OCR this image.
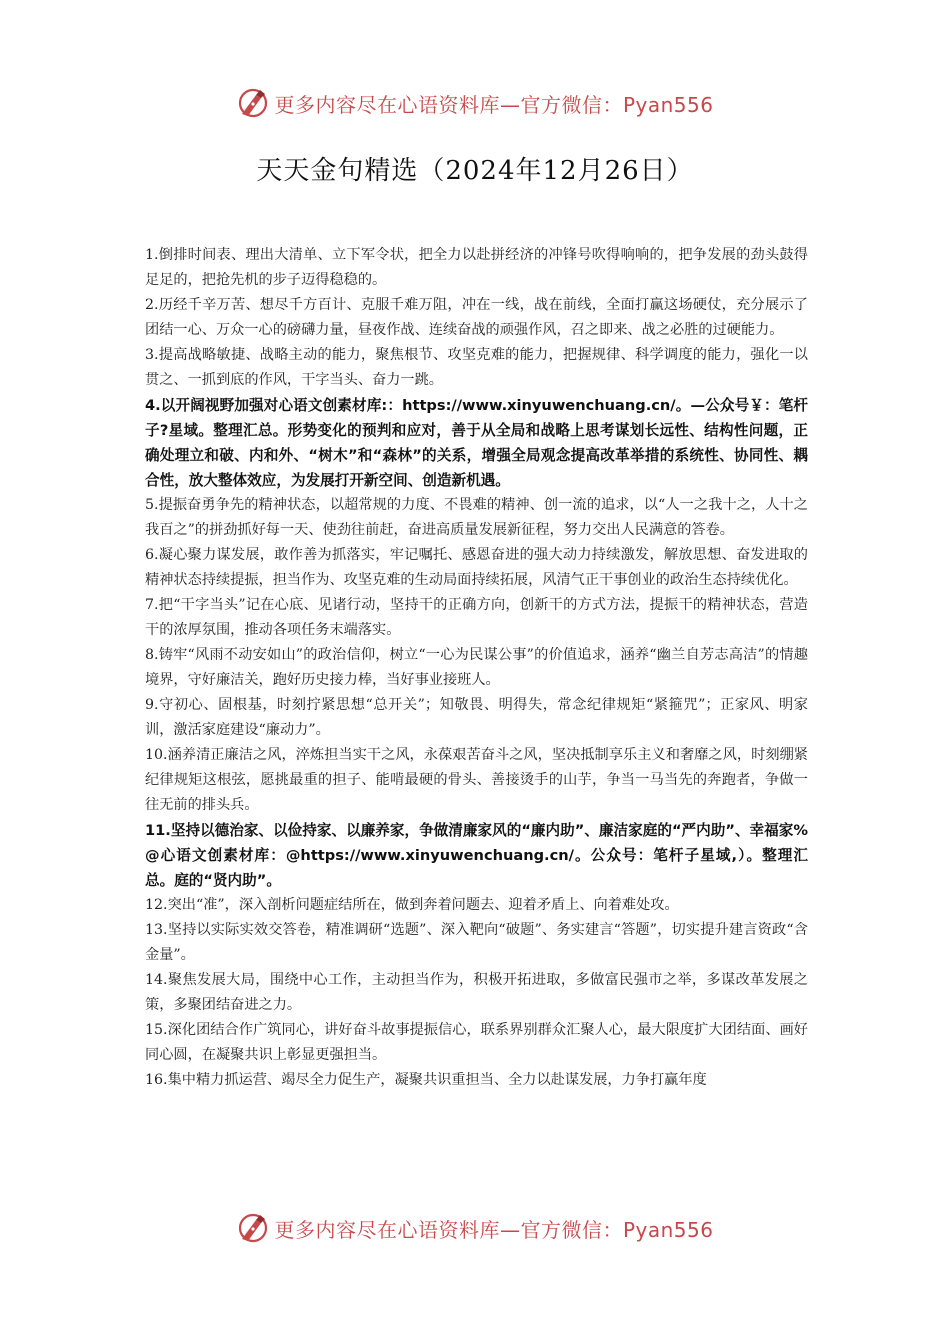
更多内容尽在心语资料库—官方微信：Pyan556
天天金句精选（2024年12月26日）

1.倒排时间表、理出大清单、立下军令状，把全力以赴拼经济的冲锋号吹得响响的，把争发展的劲头鼓得足足的，把抢先机的步子迈得稳稳的。

2.历经千辛万苦、想尽千方百计、克服千难万阻，冲在一线，战在前线，全面打赢这场硬仗，充分展示了团结一心、万众一心的磅礴力量，昼夜作战、连续奋战的顽强作风，召之即来、战之必胜的过硬能力。

3.提高战略敏捷、战略主动的能力，聚焦根节、攻坚克难的能力，把握规律、科学调度的能力，强化一以贯之、一抓到底的作风，干字当头、奋力一跳。

4.以开阔视野加强对心语文创素材库:：https://www.xinyuwenchuang.cn/。—公众号￥：笔杆子?星域。整理汇总。形势变化的预判和应对，善于从全局和战略上思考谋划长远性、结构性问题，正确处理立和破、内和外、“树木”和“森林”的关系，增强全局观念提高改革举措的系统性、协同性、耦合性，放大整体效应，为发展打开新空间、创造新机遇。

5.提振奋勇争先的精神状态，以超常规的力度、不畏难的精神、创一流的追求，以“人一之我十之，人十之我百之”的拼劲抓好每一天、使劲往前赶，奋进高质量发展新征程，努力交出人民满意的答卷。

6.凝心聚力谋发展，敢作善为抓落实，牢记嘱托、感恩奋进的强大动力持续激发，解放思想、奋发进取的精神状态持续提振，担当作为、攻坚克难的生动局面持续拓展，风清气正干事创业的政治生态持续优化。

7.把“干字当头”记在心底、见诸行动，坚持干的正确方向，创新干的方式方法，提振干的精神状态，营造干的浓厚氛围，推动各项任务末端落实。

8.铸牢“风雨不动安如山”的政治信仰，树立“一心为民谋公事”的价值追求，涵养“幽兰自芳志高洁”的情趣境界，守好廉洁关，跑好历史接力棒，当好事业接班人。

9.守初心、固根基，时刻拧紧思想“总开关”；知敬畏、明得失，常念纪律规矩“紧箍咒”；正家风、明家训，激活家庭建设“廉动力”。

10.涵养清正廉洁之风，淬炼担当实干之风，永葆艰苦奋斗之风，坚决抵制享乐主义和奢靡之风，时刻绷紧纪律规矩这根弦，愿挑最重的担子、能啃最硬的骨头、善接烫手的山芋，争当一马当先的奔跑者，争做一往无前的排头兵。

11.坚持以德治家、以俭持家、以廉养家，争做清廉家风的“廉内助”、廉洁家庭的“严内助”、幸福家%@心语文创素材库：@https://www.xinyuwenchuang.cn/。公众号：笔杆子星域,）。整理汇总。庭的“贤内助”。

12.突出“准”，深入剖析问题症结所在，做到奔着问题去、迎着矛盾上、向着难处攻。

13.坚持以实际实效交答卷，精准调研“选题”、深入靶向“破题”、务实建言“答题”，切实提升建言资政“含金量”。

14.聚焦发展大局，围绕中心工作，主动担当作为，积极开拓进取，多做富民强市之举，多谋改革发展之策，多聚团结奋进之力。

15.深化团结合作广筑同心，讲好奋斗故事提振信心，联系界别群众汇聚人心，最大限度扩大团结面、画好同心圆，在凝聚共识上彰显更强担当。

16.集中精力抓运营、竭尽全力促生产，凝聚共识重担当、全力以赴谋发展，力争打赢年度

更多内容尽在心语资料库—官方微信：Pyan556
